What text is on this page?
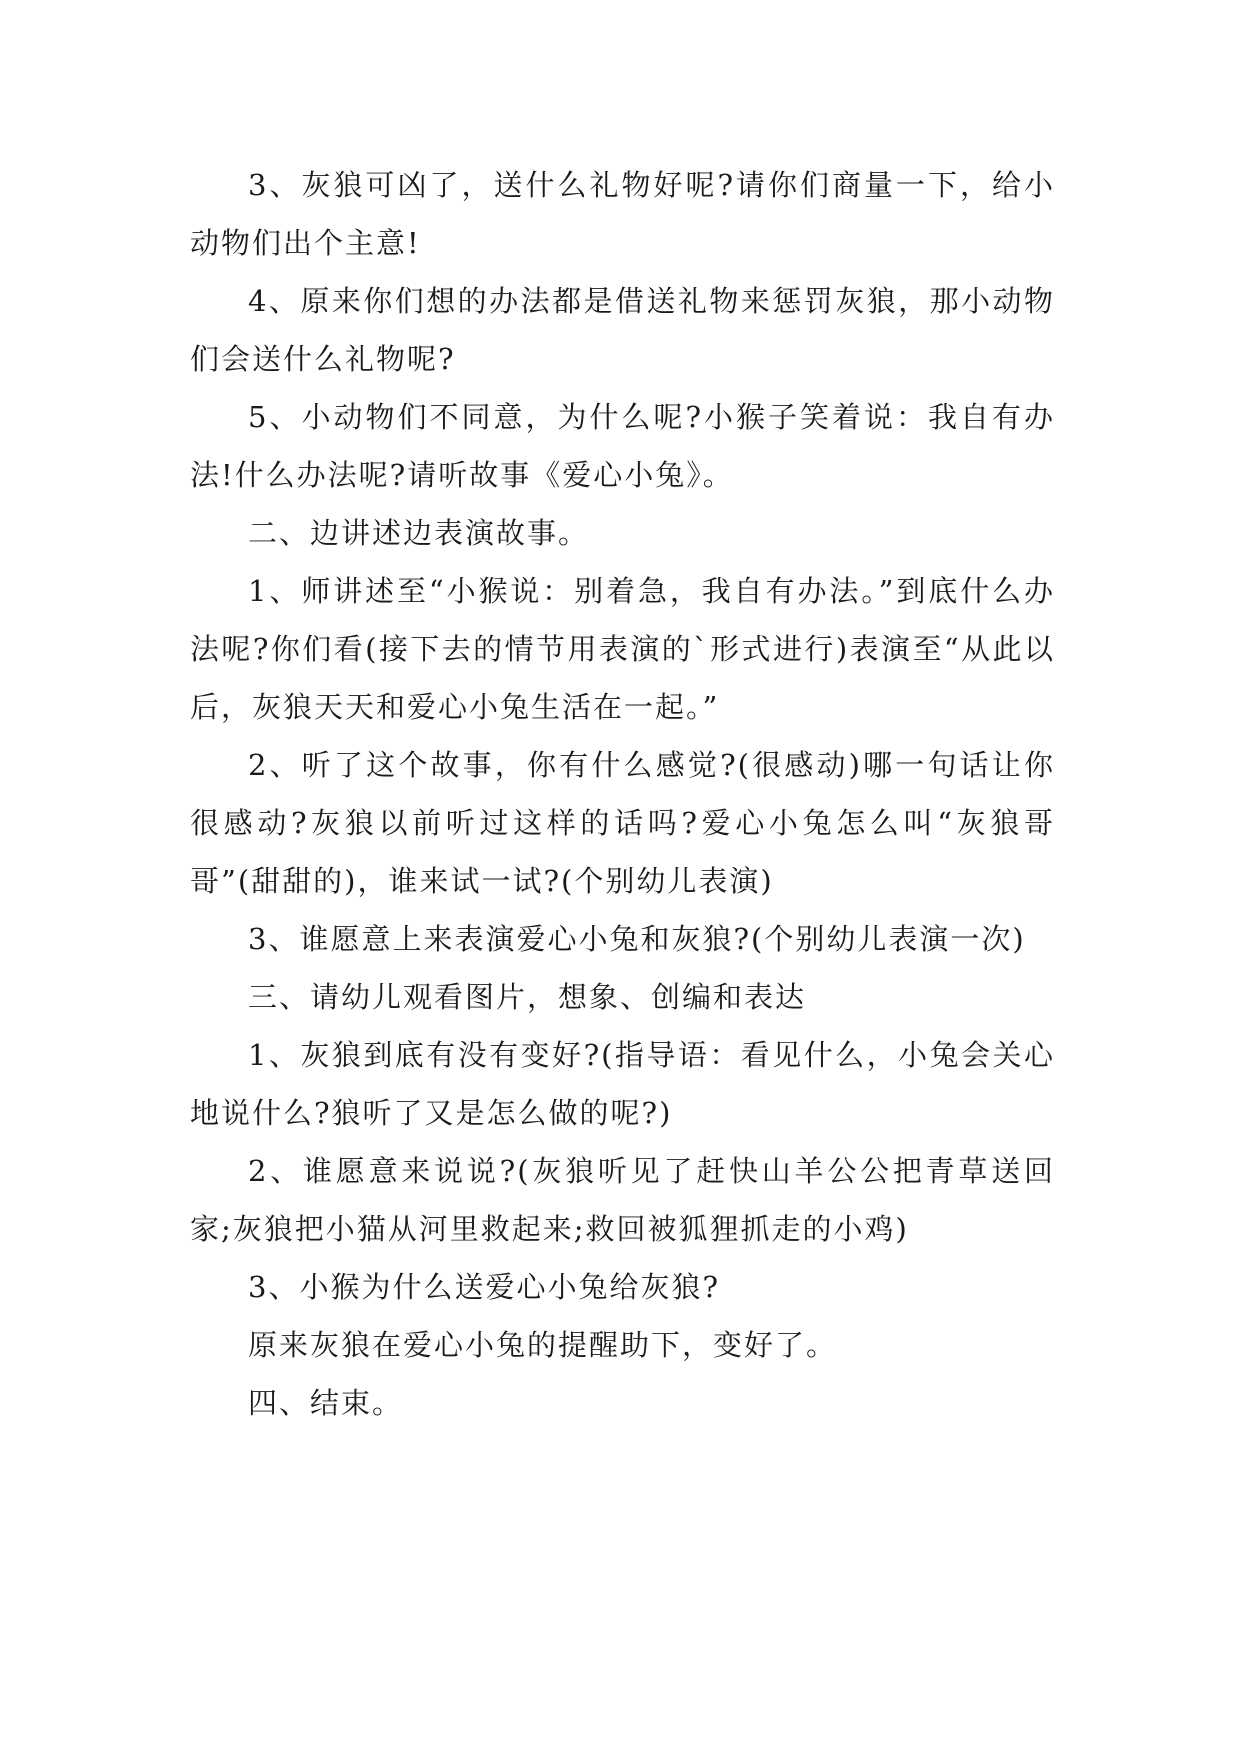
3、灰狼可凶了，送什么礼物好呢?请你们商量一下，给小动物们出个主意!

4、原来你们想的办法都是借送礼物来惩罚灰狼，那小动物们会送什么礼物呢?

5、小动物们不同意，为什么呢?小猴子笑着说：我自有办法!什么办法呢?请听故事《爱心小兔》。

二、边讲述边表演故事。

1、师讲述至“小猴说：别着急，我自有办法。”到底什么办法呢?你们看(接下去的情节用表演的`形式进行)表演至“从此以后，灰狼天天和爱心小兔生活在一起。”

2、听了这个故事，你有什么感觉?(很感动)哪一句话让你很感动?灰狼以前听过这样的话吗?爱心小兔怎么叫“灰狼哥哥”(甜甜的)，谁来试一试?(个别幼儿表演)

3、谁愿意上来表演爱心小兔和灰狼?(个别幼儿表演一次)

三、请幼儿观看图片，想象、创编和表达

1、灰狼到底有没有变好?(指导语：看见什么，小兔会关心地说什么?狼听了又是怎么做的呢?)

2、谁愿意来说说?(灰狼听见了赶快山羊公公把青草送回家;灰狼把小猫从河里救起来;救回被狐狸抓走的小鸡)

3、小猴为什么送爱心小兔给灰狼?

原来灰狼在爱心小兔的提醒助下，变好了。

四、结束。
